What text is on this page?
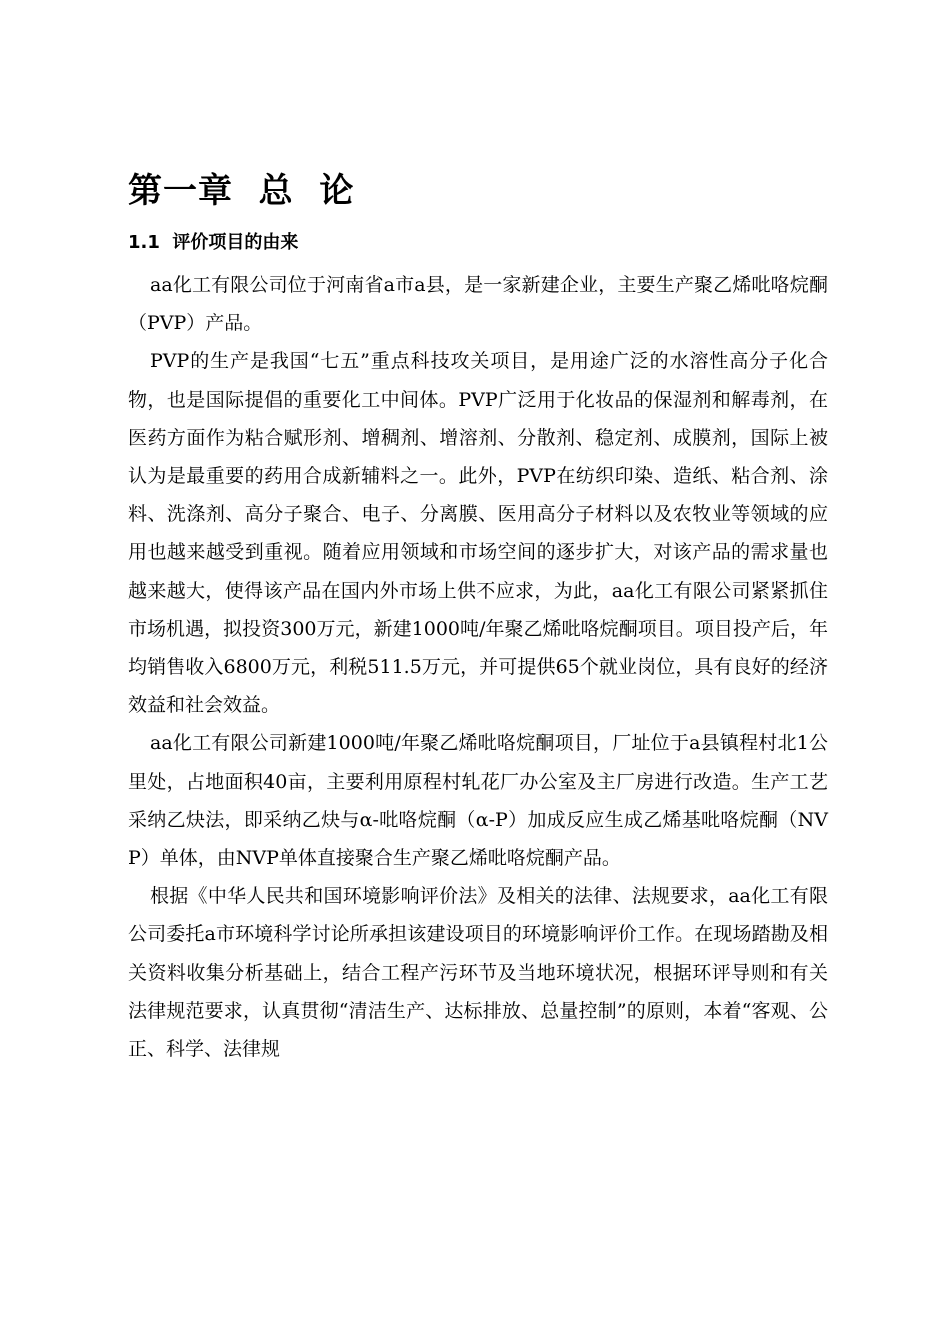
第一章  总  论
1.1  评价项目的由来

aa化工有限公司位于河南省a市a县，是一家新建企业，主要生产聚乙烯吡咯烷酮（PVP）产品。

PVP的生产是我国“七五”重点科技攻关项目，是用途广泛的水溶性高分子化合物，也是国际提倡的重要化工中间体。PVP广泛用于化妆品的保湿剂和解毒剂，在医药方面作为粘合赋形剂、增稠剂、增溶剂、分散剂、稳定剂、成膜剂，国际上被认为是最重要的药用合成新辅料之一。此外，PVP在纺织印染、造纸、粘合剂、涂料、洗涤剂、高分子聚合、电子、分离膜、医用高分子材料以及农牧业等领域的应用也越来越受到重视。随着应用领域和市场空间的逐步扩大，对该产品的需求量也越来越大，使得该产品在国内外市场上供不应求，为此，aa化工有限公司紧紧抓住市场机遇，拟投资300万元，新建1000吨/年聚乙烯吡咯烷酮项目。项目投产后，年均销售收入6800万元，利税511.5万元，并可提供65个就业岗位，具有良好的经济效益和社会效益。

aa化工有限公司新建1000吨/年聚乙烯吡咯烷酮项目，厂址位于a县镇程村北1公里处，占地面积40亩，主要利用原程村轧花厂办公室及主厂房进行改造。生产工艺采纳乙炔法，即采纳乙炔与α-吡咯烷酮（α-P）加成反应生成乙烯基吡咯烷酮（NVP）单体，由NVP单体直接聚合生产聚乙烯吡咯烷酮产品。

根据《中华人民共和国环境影响评价法》及相关的法律、法规要求，aa化工有限公司委托a市环境科学讨论所承担该建设项目的环境影响评价工作。在现场踏勘及相关资料收集分析基础上，结合工程产污环节及当地环境状况，根据环评导则和有关法律规范要求，认真贯彻“清洁生产、达标排放、总量控制”的原则，本着“客观、公正、科学、法律规
